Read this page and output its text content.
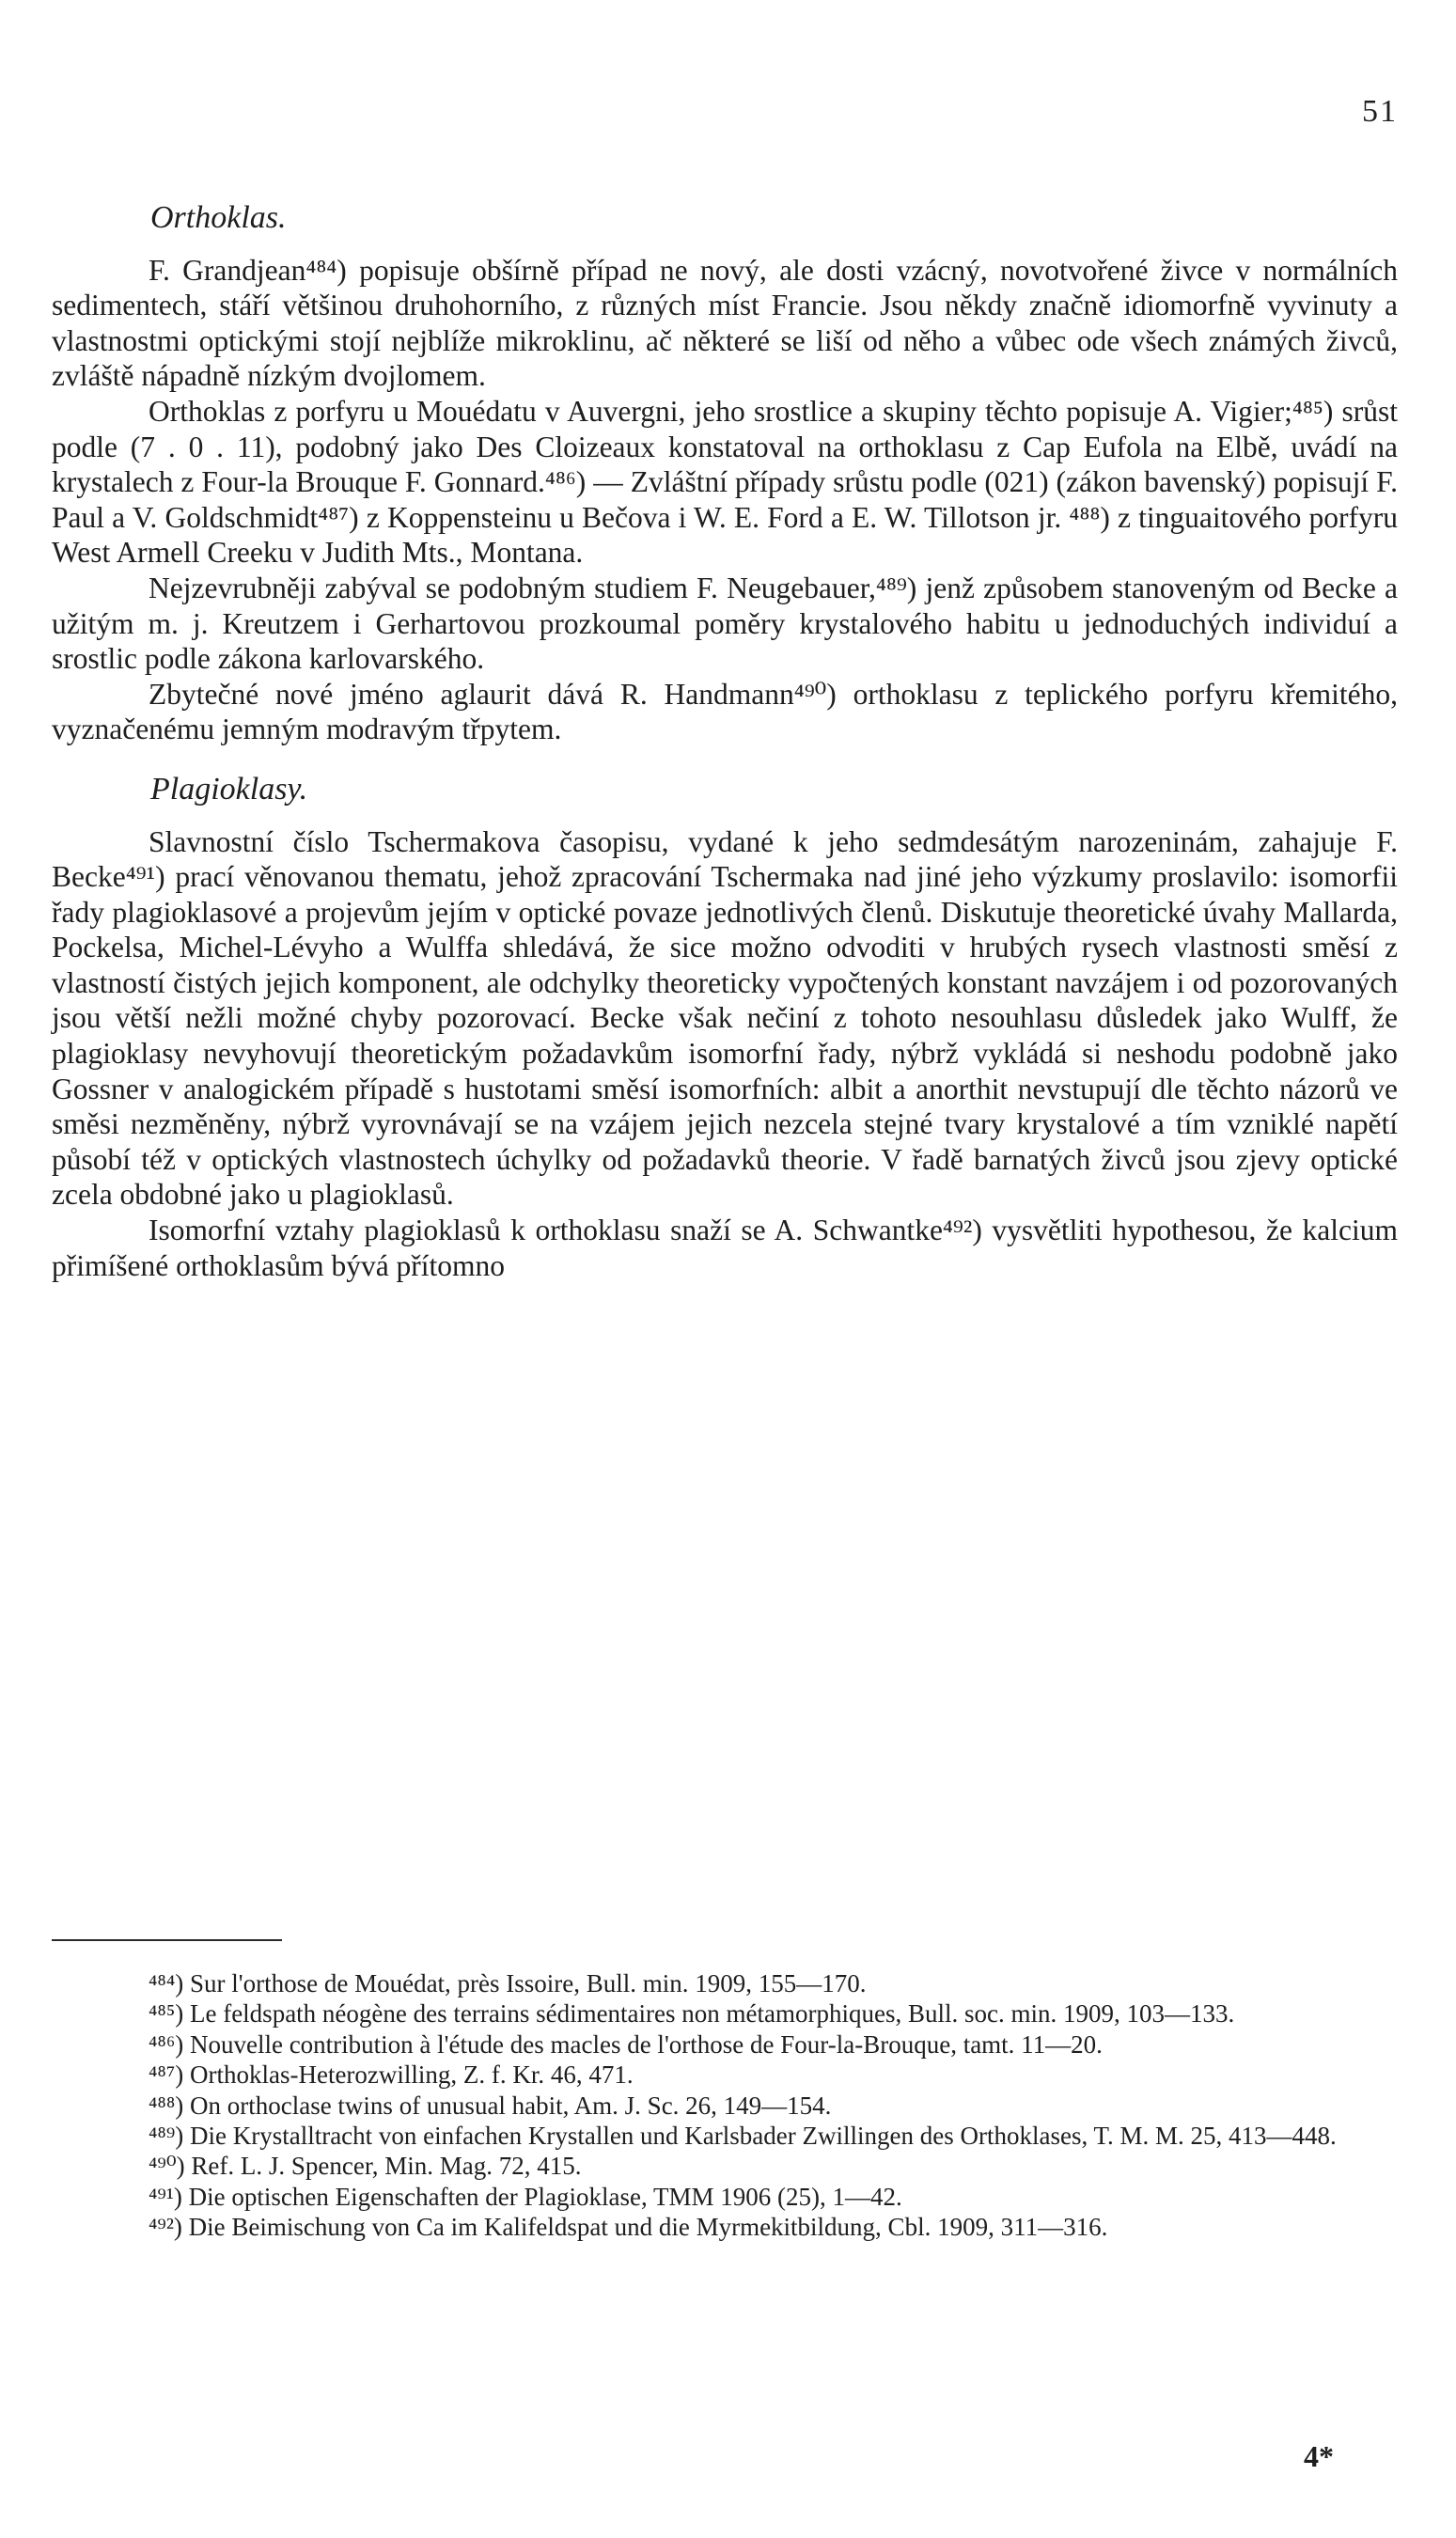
51

Orthoklas.

F. Grandjean⁴⁸⁴) popisuje obšírně případ ne nový, ale dosti vzácný, novotvořené živce v normálních sedimentech, stáří většinou druhohorního, z různých míst Francie. Jsou někdy značně idiomorfně vyvinuty a vlastnostmi optickými stojí nejblíže mikroklinu, ač některé se liší od něho a vůbec ode všech známých živců, zvláště nápadně nízkým dvojlomem.

Orthoklas z porfyru u Mouédatu v Auvergni, jeho srostlice a skupiny těchto popisuje A. Vigier;⁴⁸⁵) srůst podle (7 . 0 . 11), podobný jako Des Cloizeaux konstatoval na orthoklasu z Cap Eufola na Elbě, uvádí na krystalech z Four-la Brouque F. Gonnard.⁴⁸⁶) — Zvláštní případy srůstu podle (021) (zákon bavenský) popisují F. Paul a V. Goldschmidt⁴⁸⁷) z Koppensteinu u Bečova i W. E. Ford a E. W. Tillotson jr. ⁴⁸⁸) z tinguaitového porfyru West Armell Creeku v Judith Mts., Montana.

Nejzevrubněji zabýval se podobným studiem F. Neugebauer,⁴⁸⁹) jenž způsobem stanoveným od Becke a užitým m. j. Kreutzem i Gerhartovou prozkoumal poměry krystalového habitu u jednoduchých individuí a srostlic podle zákona karlovarského.

Zbytečné nové jméno aglaurit dává R. Handmann⁴⁹⁰) orthoklasu z teplického porfyru křemitého, vyznačenému jemným modravým třpytem.

Plagioklasy.

Slavnostní číslo Tschermakova časopisu, vydané k jeho sedmdesátým narozeninám, zahajuje F. Becke⁴⁹¹) prací věnovanou thematu, jehož zpracování Tschermaka nad jiné jeho výzkumy proslavilo: isomorfii řady plagioklasové a projevům jejím v optické povaze jednotlivých členů. Diskutuje theoretické úvahy Mallarda, Pockelsa, Michel-Lévyho a Wulffa shledává, že sice možno odvoditi v hrubých rysech vlastnosti směsí z vlastností čistých jejich komponent, ale odchylky theoreticky vypočtených konstant navzájem i od pozorovaných jsou větší nežli možné chyby pozorovací. Becke však nečiní z tohoto nesouhlasu důsledek jako Wulff, že plagioklasy nevyhovují theoretickým požadavkům isomorfní řady, nýbrž vykládá si neshodu podobně jako Gossner v analogickém případě s hustotami směsí isomorfních: albit a anorthit nevstupují dle těchto názorů ve směsi nezměněny, nýbrž vyrovnávají se na vzájem jejich nezcela stejné tvary krystalové a tím vzniklé napětí působí též v optických vlastnostech úchylky od požadavků theorie. V řadě barnatých živců jsou zjevy optické zcela obdobné jako u plagioklasů.

Isomorfní vztahy plagioklasů k orthoklasu snaží se A. Schwantke⁴⁹²) vysvětliti hypothesou, že kalcium přimíšené orthoklasům bývá přítomno

⁴⁸⁴) Sur l'orthose de Mouédat, près Issoire, Bull. min. 1909, 155—170.

⁴⁸⁵) Le feldspath néogène des terrains sédimentaires non métamorphiques, Bull. soc. min. 1909, 103—133.

⁴⁸⁶) Nouvelle contribution à l'étude des macles de l'orthose de Four-la-Brouque, tamt. 11—20.

⁴⁸⁷) Orthoklas-Heterozwilling, Z. f. Kr. 46, 471.

⁴⁸⁸) On orthoclase twins of unusual habit, Am. J. Sc. 26, 149—154.

⁴⁸⁹) Die Krystalltracht von einfachen Krystallen und Karlsbader Zwillingen des Orthoklases, T. M. M. 25, 413—448.

⁴⁹⁰) Ref. L. J. Spencer, Min. Mag. 72, 415.

⁴⁹¹) Die optischen Eigenschaften der Plagioklase, TMM 1906 (25), 1—42.

⁴⁹²) Die Beimischung von Ca im Kalifeldspat und die Myrmekitbildung, Cbl. 1909, 311—316.

4*
